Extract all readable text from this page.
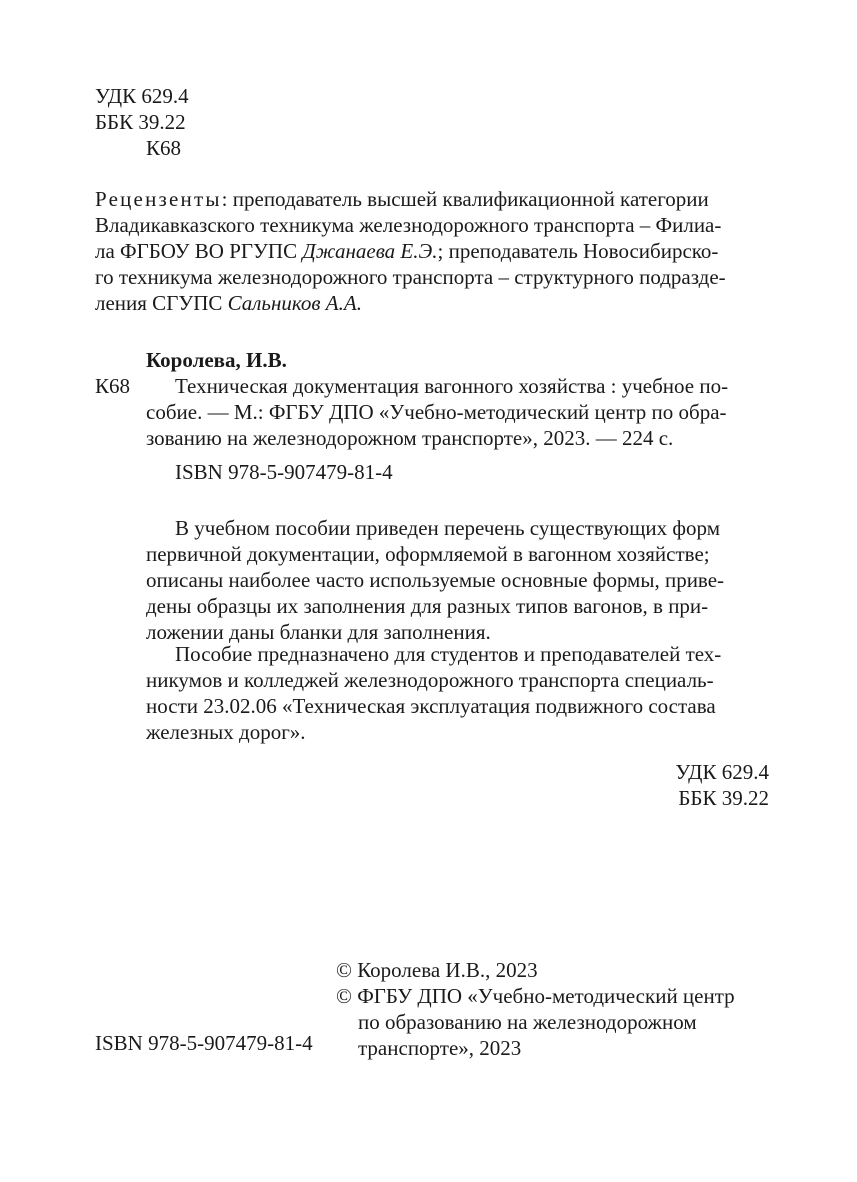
УДК 629.4
ББК 39.22
К68
Рецензенты: преподаватель высшей квалификационной категории
Владикавказского техникума железнодорожного транспорта – Филиа-
ла ФГБОУ ВО РГУПС Джанаева Е.Э.; преподаватель Новосибирско-
го техникума железнодорожного транспорта – структурного подразде-
ления СГУПС Сальников А.А.
Королева, И.В.
К68 Техническая документация вагонного хозяйства : учебное по-
собие. — М.: ФГБУ ДПО «Учебно-методический центр по обра-
зованию на железнодорожном транспорте», 2023. — 224 с.
ISBN 978-5-907479-81-4
В учебном пособии приведен перечень существующих форм
первичной документации, оформляемой в вагонном хозяйстве;
описаны наиболее часто используемые основные формы, приве-
дены образцы их заполнения для разных типов вагонов, в при-
ложении даны бланки для заполнения.
Пособие предназначено для студентов и преподавателей тех-
никумов и колледжей железнодорожного транспорта специаль-
ности 23.02.06 «Техническая эксплуатация подвижного состава
железных дорог».
УДК 629.4
ББК 39.22
© Королева И.В., 2023
© ФГБУ ДПО «Учебно-методический центр
по образованию на железнодорожном
транспорте», 2023
ISBN 978-5-907479-81-4
